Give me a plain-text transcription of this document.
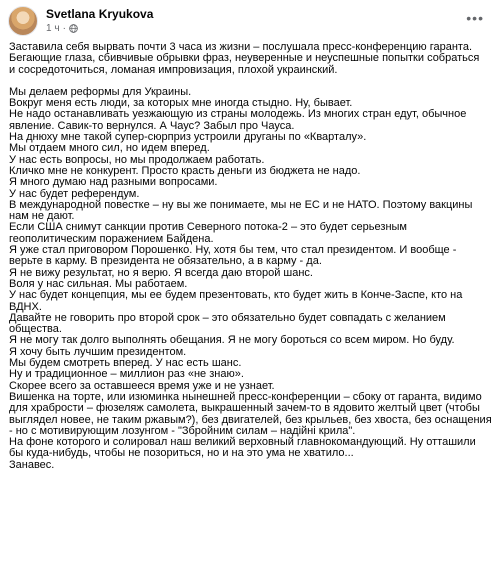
Svetlana Kryukova
1 ч ·
•••
Заставила себя вырвать почти 3 часа из жизни – послушала пресс-конференцию гаранта.
Бегающие глаза, сбивчивые обрывки фраз, неуверенные и неуспешные попытки собраться
и сосредоточиться, ломаная импровизация, плохой украинский.
Мы делаем реформы для Украины.
Вокруг меня есть люди, за которых мне иногда стыдно. Ну, бывает.
Не надо останавливать уезжающую из страны молодежь. Из многих стран едут, обычное
явление. Савик-то вернулся. А Чаус? Забыл про Чауса.
На днюху мне такой супер-сюрприз устроили друганы по «Кварталу».
Мы отдаем много сил, но идем вперед.
У нас есть вопросы, но мы продолжаем работать.
Кличко мне не конкурент. Просто красть деньги из бюджета не надо.
Я много думаю над разными вопросами.
У нас будет референдум.
В международной повестке – ну вы же понимаете, мы не ЕС и не НАТО. Поэтому вакцины
нам не дают.
Если США снимут санкции против Северного потока-2 – это будет серьезным
геополитическим поражением Байдена.
Я уже стал приговором Порошенко. Ну, хотя бы тем, что стал президентом. И вообще -
верьте в карму. В президента не обязательно, а в карму - да.
Я не вижу результат, но я верю. Я всегда даю второй шанс.
Воля у нас сильная. Мы работаем.
У нас будет концепция, мы ее будем презентовать, кто будет жить в Конче-Заспе, кто на
ВДНХ.
Давайте не говорить про второй срок – это обязательно будет совпадать с желанием
общества.
Я не могу так долго выполнять обещания. Я не могу бороться со всем миром. Но буду.
Я хочу быть лучшим президентом.
Мы будем смотреть вперед. У нас есть шанс.
Ну и традиционное – миллион раз «не знаю».
Скорее всего за оставшееся время уже и не узнает.
Вишенка на торте, или изюминка нынешней пресс-конференции – сбоку от гаранта, видимо
для храбрости – фюзеляж самолета, выкрашенный зачем-то в ядовито желтый цвет (чтобы
выглядел новее, не таким ржавым?), без двигателей, без крыльев, без хвоста, без оснащения
- но с мотивирующим лозунгом - "Збройним силам – надійні крила".
На фоне которого и солировал наш великий верховный главнокомандующий. Ну отташили
бы куда-нибудь, чтобы не позориться, но и на это ума не хватило...
Занавес.
